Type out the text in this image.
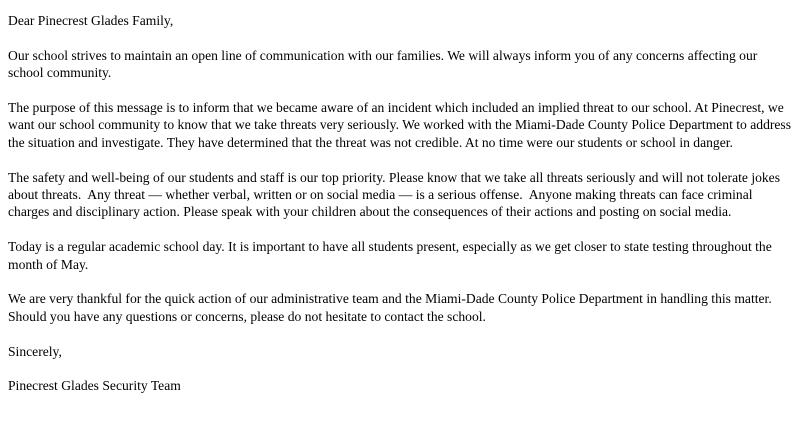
Dear Pinecrest Glades Family,

Our school strives to maintain an open line of communication with our families. We will always inform you of any concerns affecting our school community.

The purpose of this message is to inform that we became aware of an incident which included an implied threat to our school. At Pinecrest, we want our school community to know that we take threats very seriously. We worked with the Miami-Dade County Police Department to address the situation and investigate. They have determined that the threat was not credible. At no time were our students or school in danger.

The safety and well-being of our students and staff is our top priority. Please know that we take all threats seriously and will not tolerate jokes about threats.  Any threat — whether verbal, written or on social media — is a serious offense.  Anyone making threats can face criminal charges and disciplinary action. Please speak with your children about the consequences of their actions and posting on social media.

Today is a regular academic school day. It is important to have all students present, especially as we get closer to state testing throughout the month of May.

We are very thankful for the quick action of our administrative team and the Miami-Dade County Police Department in handling this matter.  Should you have any questions or concerns, please do not hesitate to contact the school.

Sincerely,

Pinecrest Glades Security Team
